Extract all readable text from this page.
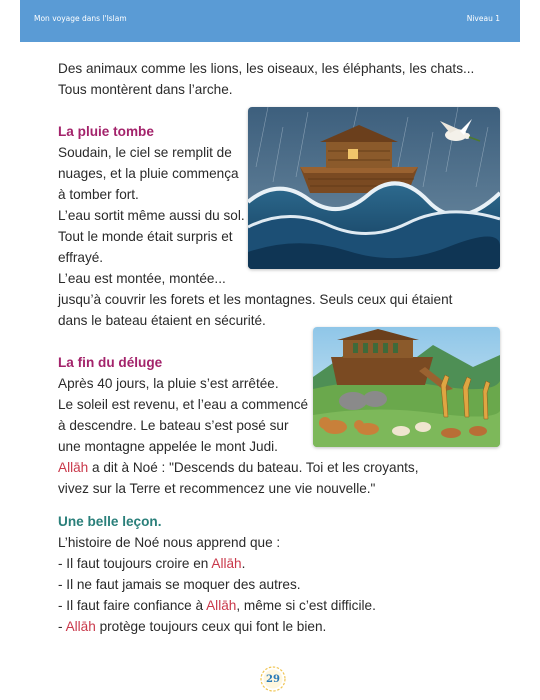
Mon voyage dans l'Islam	Niveau 1
Des animaux comme les lions, les oiseaux, les éléphants, les chats...
Tous montèrent dans l’arche.
La pluie tombe
Soudain, le ciel se remplit de
nuages, et la pluie commença
à tomber fort.
L’eau sortit même aussi du sol.
Tout le monde était surpris et
effrayé.
L’eau est montée, montée...
jusqu’à couvrir les forets et les montagnes. Seuls ceux qui étaient
dans le bateau étaient en sécurité.
La fin du déluge
Après 40 jours, la pluie s’est arrêtée.
Le soleil est revenu, et l’eau a commencé
à descendre. Le bateau s’est posé sur
une montagne appelée le mont Judi.
Allāh a dit à Noé : "Descends du bateau. Toi et les croyants,
vivez sur la Terre et recommencez une vie nouvelle."
Une belle leçon.
L’histoire de Noé nous apprend que :
- Il faut toujours croire en Allāh.
- Il ne faut jamais se moquer des autres.
- Il faut faire confiance à Allāh, même si c’est difficile.
- Allāh protège toujours ceux qui font le bien.
29
